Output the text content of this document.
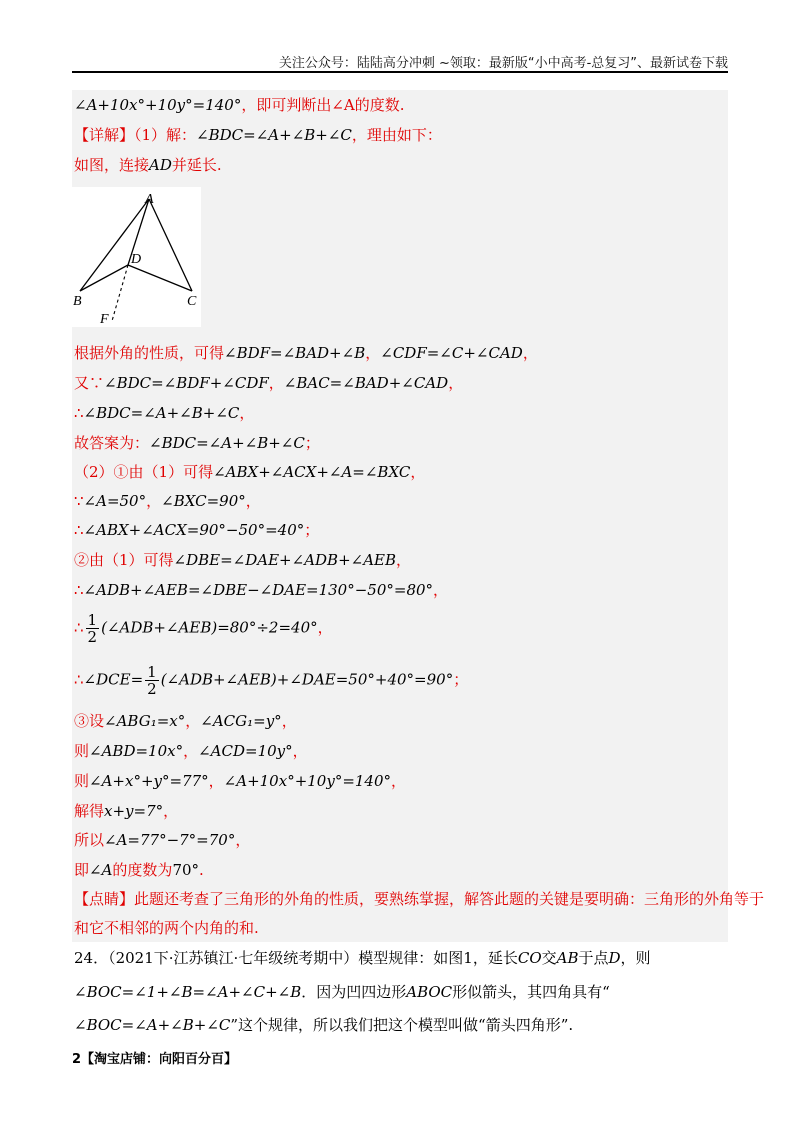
关注公众号：陆陆高分冲刺 ~领取：最新版“小中高考-总复习”、最新试卷下载
∠A+10x°+10y°=140°，即可判断出∠A的度数.
【详解】（1）解：∠BDC=∠A+∠B+∠C，理由如下：
如图，连接AD并延长.
A
D
B	C
F
根据外角的性质，可得∠BDF=∠BAD+∠B，∠CDF=∠C+∠CAD，
又∵∠BDC=∠BDF+∠CDF，∠BAC=∠BAD+∠CAD，
∴∠BDC=∠A+∠B+∠C，
故答案为：∠BDC=∠A+∠B+∠C；
（2）①由（1）可得∠ABX+∠ACX+∠A=∠BXC，
∵∠A=50°，∠BXC=90°，
∴∠ABX+∠ACX=90°−50°=40°；
②由（1）可得∠DBE=∠DAE+∠ADB+∠AEB，
∴∠ADB+∠AEB=∠DBE−∠DAE=130°−50°=80°，
∴ $\frac{1}{2}$ (∠ADB+∠AEB)=80°÷2=40°，
∴∠DCE= $\frac{1}{2}$ (∠ADB+∠AEB)+∠DAE=50°+40°=90°；
③设∠ABG₁=x°，∠ACG₁=y°，
则∠ABD=10x°，∠ACD=10y°，
则∠A+x°+y°=77°，∠A+10x°+10y°=140°，
解得x+y=7°，
所以∠A=77°−7°=70°，
即∠A的度数为70°.
【点睛】此题还考查了三角形的外角的性质，要熟练掌握，解答此题的关键是要明确：三角形的外角等于
和它不相邻的两个内角的和.
24．（2021下·江苏镇江·七年级统考期中）模型规律：如图1，延长CO交AB于点D，则
∠BOC=∠1+∠B=∠A+∠C+∠B．因为凹四边形ABOC形似箭头，其四角具有“
∠BOC=∠A+∠B+∠C”这个规律，所以我们把这个模型叫做“箭头四角形”.
2【淘宝店铺：向阳百分百】
